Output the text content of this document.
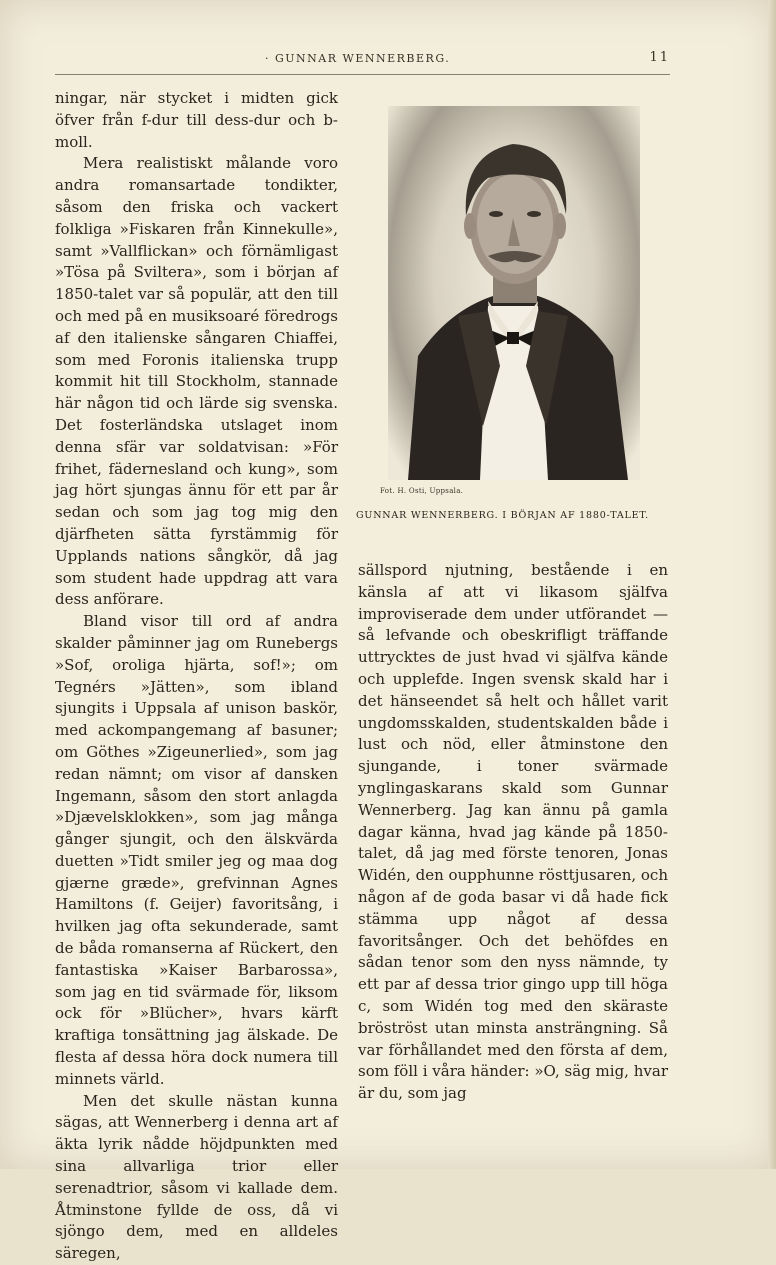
· GUNNAR WENNERBERG.	11

ningar, när stycket i midten gick öfver från f-dur till dess-dur och b-moll.

Mera realistiskt målande voro andra romansartade tondikter, såsom den friska och vackert folkliga »Fiskaren från Kinnekulle», samt »Vallflickan» och förnämligast »Tösa på Sviltera», som i början af 1850-talet var så populär, att den till och med på en musiksoaré föredrogs af den italienske sångaren Chiaffei, som med Foronis italienska trupp kommit hit till Stockholm, stannade här någon tid och lärde sig svenska. Det fosterländska utslaget inom denna sfär var soldatvisan: »För frihet, fädernesland och kung», som jag hört sjungas ännu för ett par år sedan och som jag tog mig den djärfheten sätta fyrstämmig för Upplands nations sångkör, då jag som student hade uppdrag att vara dess anförare.

Bland visor till ord af andra skalder påminner jag om Runebergs »Sof, oroliga hjärta, sof!»; om Tegnérs »Jätten», som ibland sjungits i Uppsala af unison baskör, med ackompangemang af basuner; om Göthes »Zigeunerlied», som jag redan nämnt; om visor af dansken Ingemann, såsom den stort anlagda »Djævelsklokken», som jag många gånger sjungit, och den älskvärda duetten »Tidt smiler jeg og maa dog gjærne græde», grefvinnan Agnes Hamiltons (f. Geijer) favoritsång, i hvilken jag ofta sekunderade, samt de båda romanserna af Rückert, den fantastiska »Kaiser Barbarossa», som jag en tid svärmade för, liksom ock för »Blücher», hvars kärft kraftiga tonsättning jag älskade. De flesta af dessa höra dock numera till minnets värld.

Men det skulle nästan kunna sägas, att Wennerberg i denna art af äkta lyrik nådde höjdpunkten med sina allvarliga trior eller serenadtrior, såsom vi kallade dem. Åtminstone fyllde de oss, då vi sjöngo dem, med en alldeles säregen,

Fot. H. Osti, Uppsala.
GUNNAR WENNERBERG. I BÖRJAN AF 1880-TALET.

sällspord njutning, bestående i en känsla af att vi likasom själfva improviserade dem under utförandet — så lefvande och obeskrifligt träffande uttrycktes de just hvad vi själfva kände och upplefde. Ingen svensk skald har i det hänseendet så helt och hållet varit ungdomsskalden, studentskalden både i lust och nöd, eller åtminstone den sjungande, i toner svärmade ynglingaskarans skald som Gunnar Wennerberg. Jag kan ännu på gamla dagar känna, hvad jag kände på 1850-talet, då jag med förste tenoren, Jonas Widén, den oupphunne rösttjusaren, och någon af de goda basar vi då hade fick stämma upp något af dessa favoritsånger. Och det behöfdes en sådan tenor som den nyss nämnde, ty ett par af dessa trior gingo upp till höga c, som Widén tog med den skäraste bröströst utan minsta ansträngning. Så var förhållandet med den första af dem, som föll i våra händer: »O, säg mig, hvar är du, som jag
